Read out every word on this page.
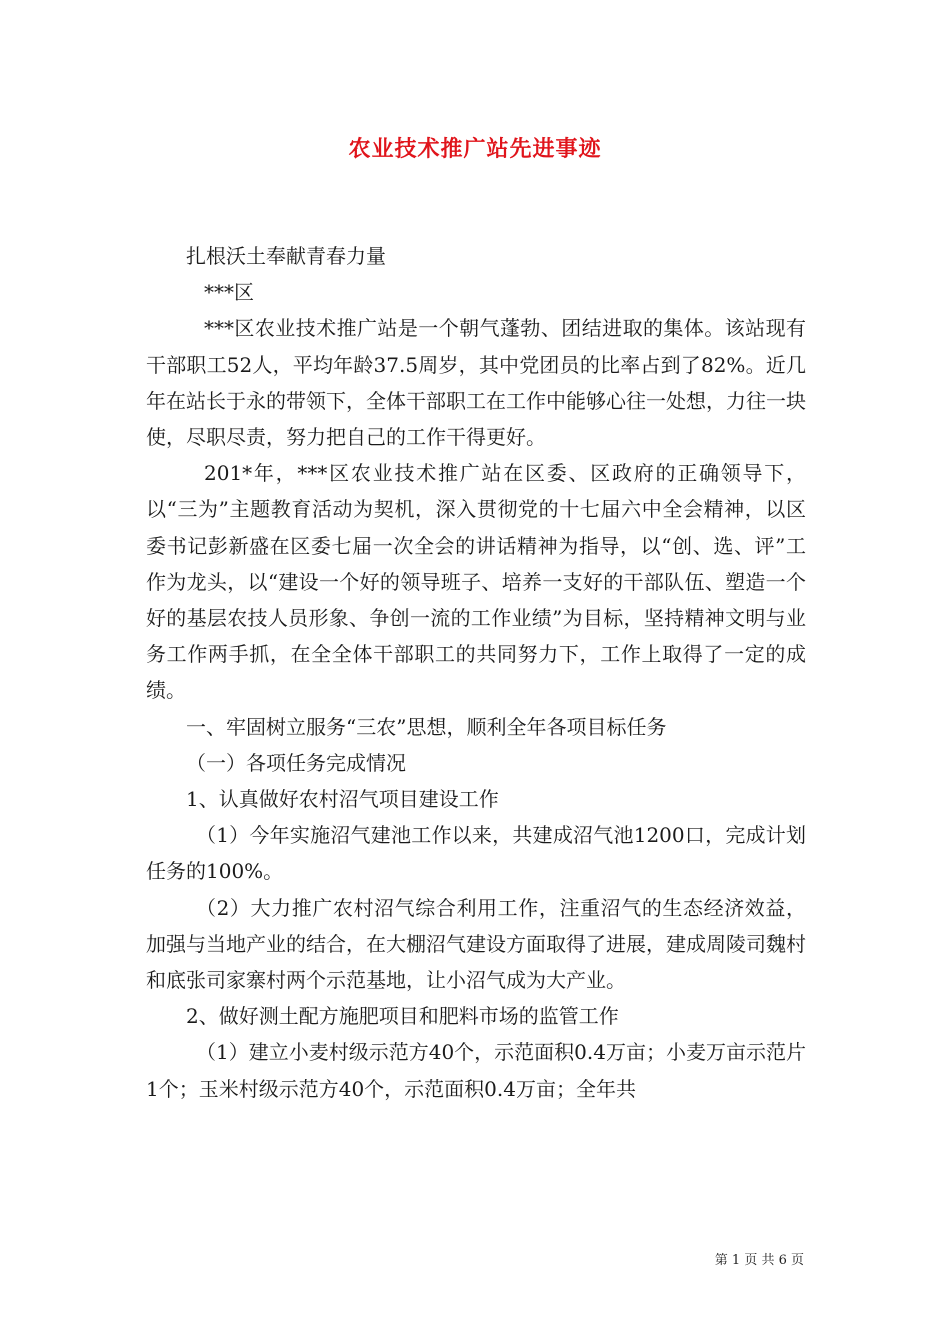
农业技术推广站先进事迹

扎根沃土奉献青春力量

***区

***区农业技术推广站是一个朝气蓬勃、团结进取的集体。该站现有干部职工52人，平均年龄37.5周岁，其中党团员的比率占到了82%。近几年在站长于永的带领下，全体干部职工在工作中能够心往一处想，力往一块使，尽职尽责，努力把自己的工作干得更好。

201*年，***区农业技术推广站在区委、区政府的正确领导下，以“三为”主题教育活动为契机，深入贯彻党的十七届六中全会精神，以区委书记彭新盛在区委七届一次全会的讲话精神为指导，以“创、选、评”工作为龙头，以“建设一个好的领导班子、培养一支好的干部队伍、塑造一个好的基层农技人员形象、争创一流的工作业绩”为目标，坚持精神文明与业务工作两手抓，在全全体干部职工的共同努力下，工作上取得了一定的成绩。

一、牢固树立服务“三农”思想，顺利全年各项目标任务

（一）各项任务完成情况

1、认真做好农村沼气项目建设工作

（1）今年实施沼气建池工作以来，共建成沼气池1200口，完成计划任务的100%。

（2）大力推广农村沼气综合利用工作，注重沼气的生态经济效益，加强与当地产业的结合，在大棚沼气建设方面取得了进展，建成周陵司魏村和底张司家寨村两个示范基地，让小沼气成为大产业。

2、做好测土配方施肥项目和肥料市场的监管工作

（1）建立小麦村级示范方40个，示范面积0.4万亩；小麦万亩示范片1个；玉米村级示范方40个，示范面积0.4万亩；全年共

第 1 页 共 6 页
